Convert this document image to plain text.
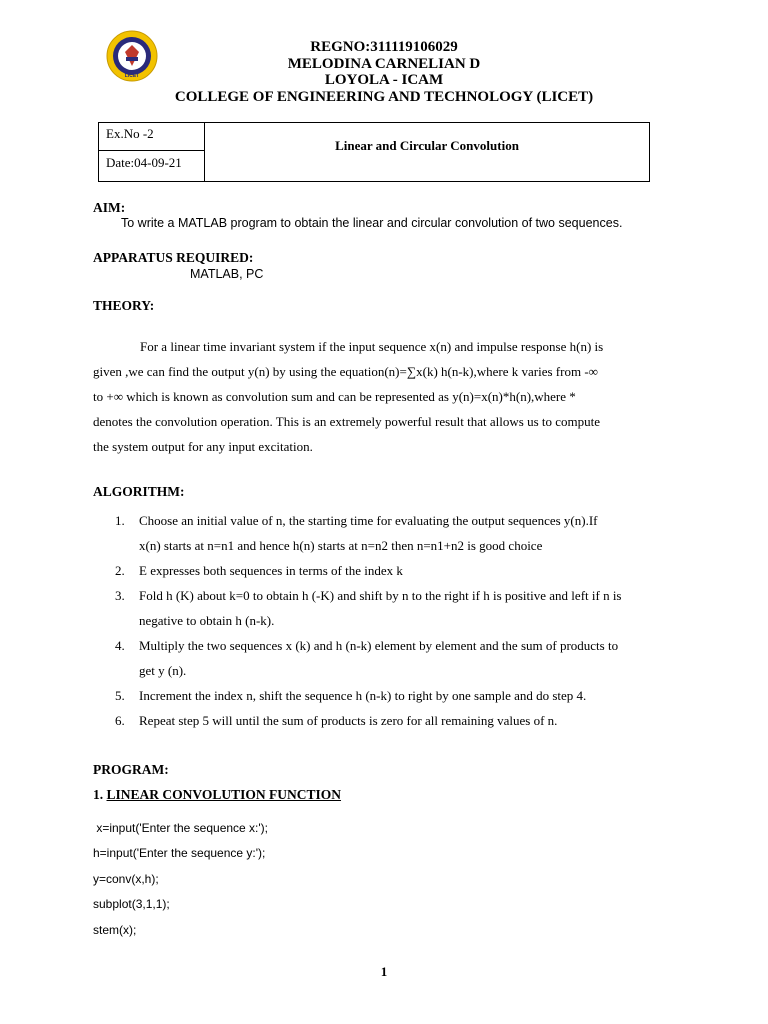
LICET
REGNO:311119106029
MELODINA CARNELIAN D
LOYOLA - ICAM
COLLEGE OF ENGINEERING AND TECHNOLOGY (LICET)
Ex.No -2
Date:04-09-21
Linear and Circular Convolution
AIM:
To write a MATLAB program to obtain the linear and circular convolution of two sequences.
APPARATUS REQUIRED:
MATLAB, PC
THEORY:

For a linear time invariant system if the input sequence x(n) and impulse response h(n) is

given ,we can find the output y(n) by using the equation(n)=∑x(k) h(n-k),where k varies from -∞

to +∞ which is known as convolution sum and can be represented as y(n)=x(n)*h(n),where *

denotes the convolution operation. This is an extremely powerful result that allows us to compute

the system output for any input excitation.

ALGORITHM:
1. Choose an initial value of n, the starting time for evaluating the output sequences y(n).If
x(n) starts at n=n1 and hence h(n) starts at n=n2 then n=n1+n2 is good choice
2. E expresses both sequences in terms of the index k
3. Fold h (K) about k=0 to obtain h (-K) and shift by n to the right if h is positive and left if n is
negative to obtain h (n-k).
4. Multiply the two sequences x (k) and h (n-k) element by element and the sum of products to
get y (n).
5. Increment the index n, shift the sequence h (n-k) to right by one sample and do step 4.
6. Repeat step 5 will until the sum of products is zero for all remaining values of n.
PROGRAM:
1. LINEAR CONVOLUTION FUNCTION
x=input('Enter the sequence x:');
h=input('Enter the sequence y:');
y=conv(x,h);
subplot(3,1,1);
stem(x);
1
